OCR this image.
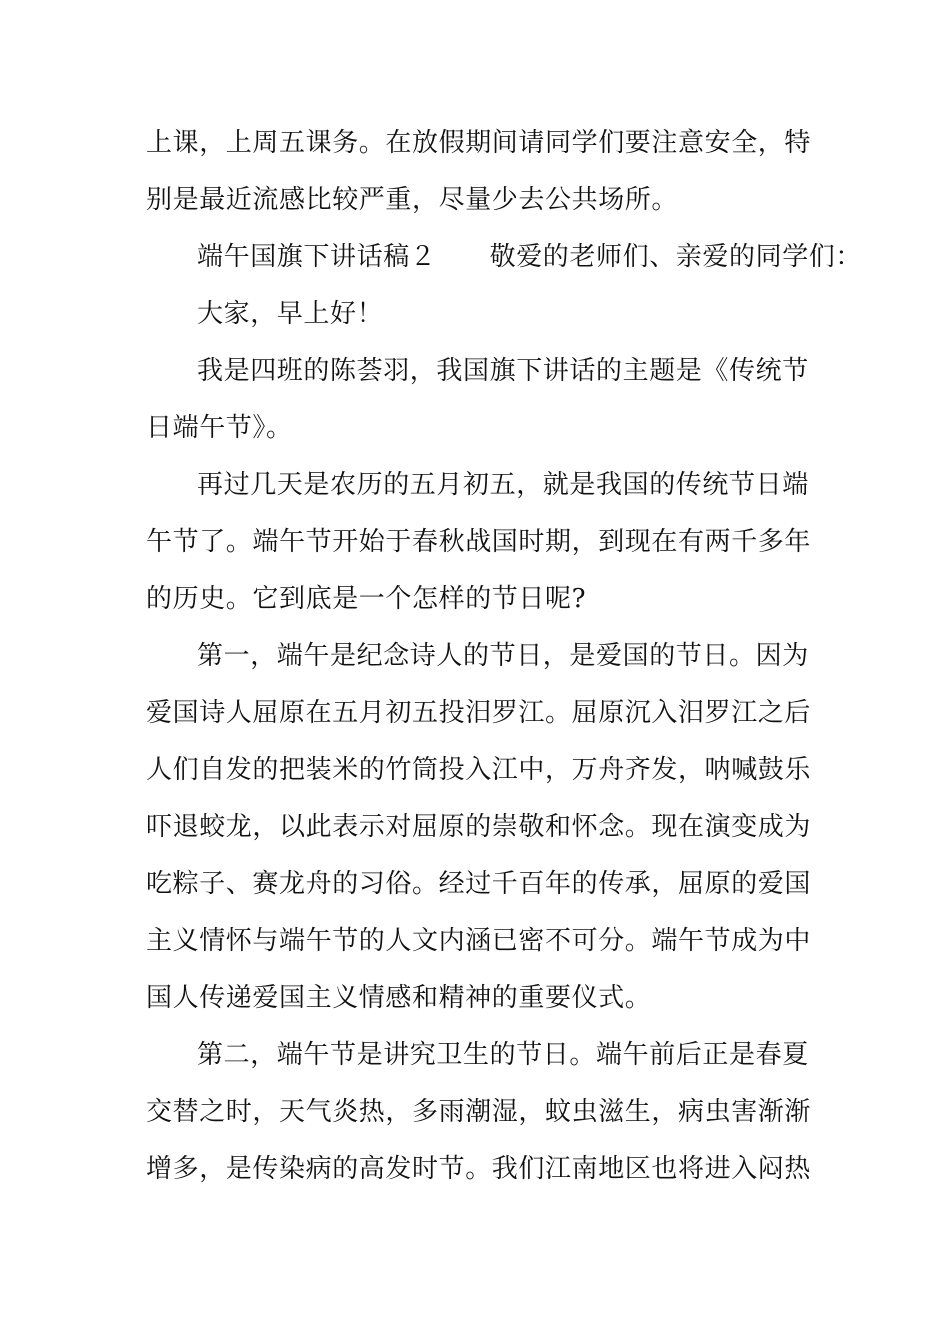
上课，上周五课务。在放假期间请同学们要注意安全，特
别是最近流感比较严重，尽量少去公共场所。
端午国旗下讲话稿２　　敬爱的老师们、亲爱的同学们：
大家，早上好！
我是四班的陈荟羽，我国旗下讲话的主题是《传统节
日端午节》。
再过几天是农历的五月初五，就是我国的传统节日端
午节了。端午节开始于春秋战国时期，到现在有两千多年
的历史。它到底是一个怎样的节日呢?
第一，端午是纪念诗人的节日，是爱国的节日。因为
爱国诗人屈原在五月初五投汨罗江。屈原沉入汨罗江之后
人们自发的把装米的竹筒投入江中，万舟齐发，呐喊鼓乐
吓退蛟龙，以此表示对屈原的崇敬和怀念。现在演变成为
吃粽子、赛龙舟的习俗。经过千百年的传承，屈原的爱国
主义情怀与端午节的人文内涵已密不可分。端午节成为中
国人传递爱国主义情感和精神的重要仪式。
第二，端午节是讲究卫生的节日。端午前后正是春夏
交替之时，天气炎热，多雨潮湿，蚊虫滋生，病虫害渐渐
增多，是传染病的高发时节。我们江南地区也将进入闷热
